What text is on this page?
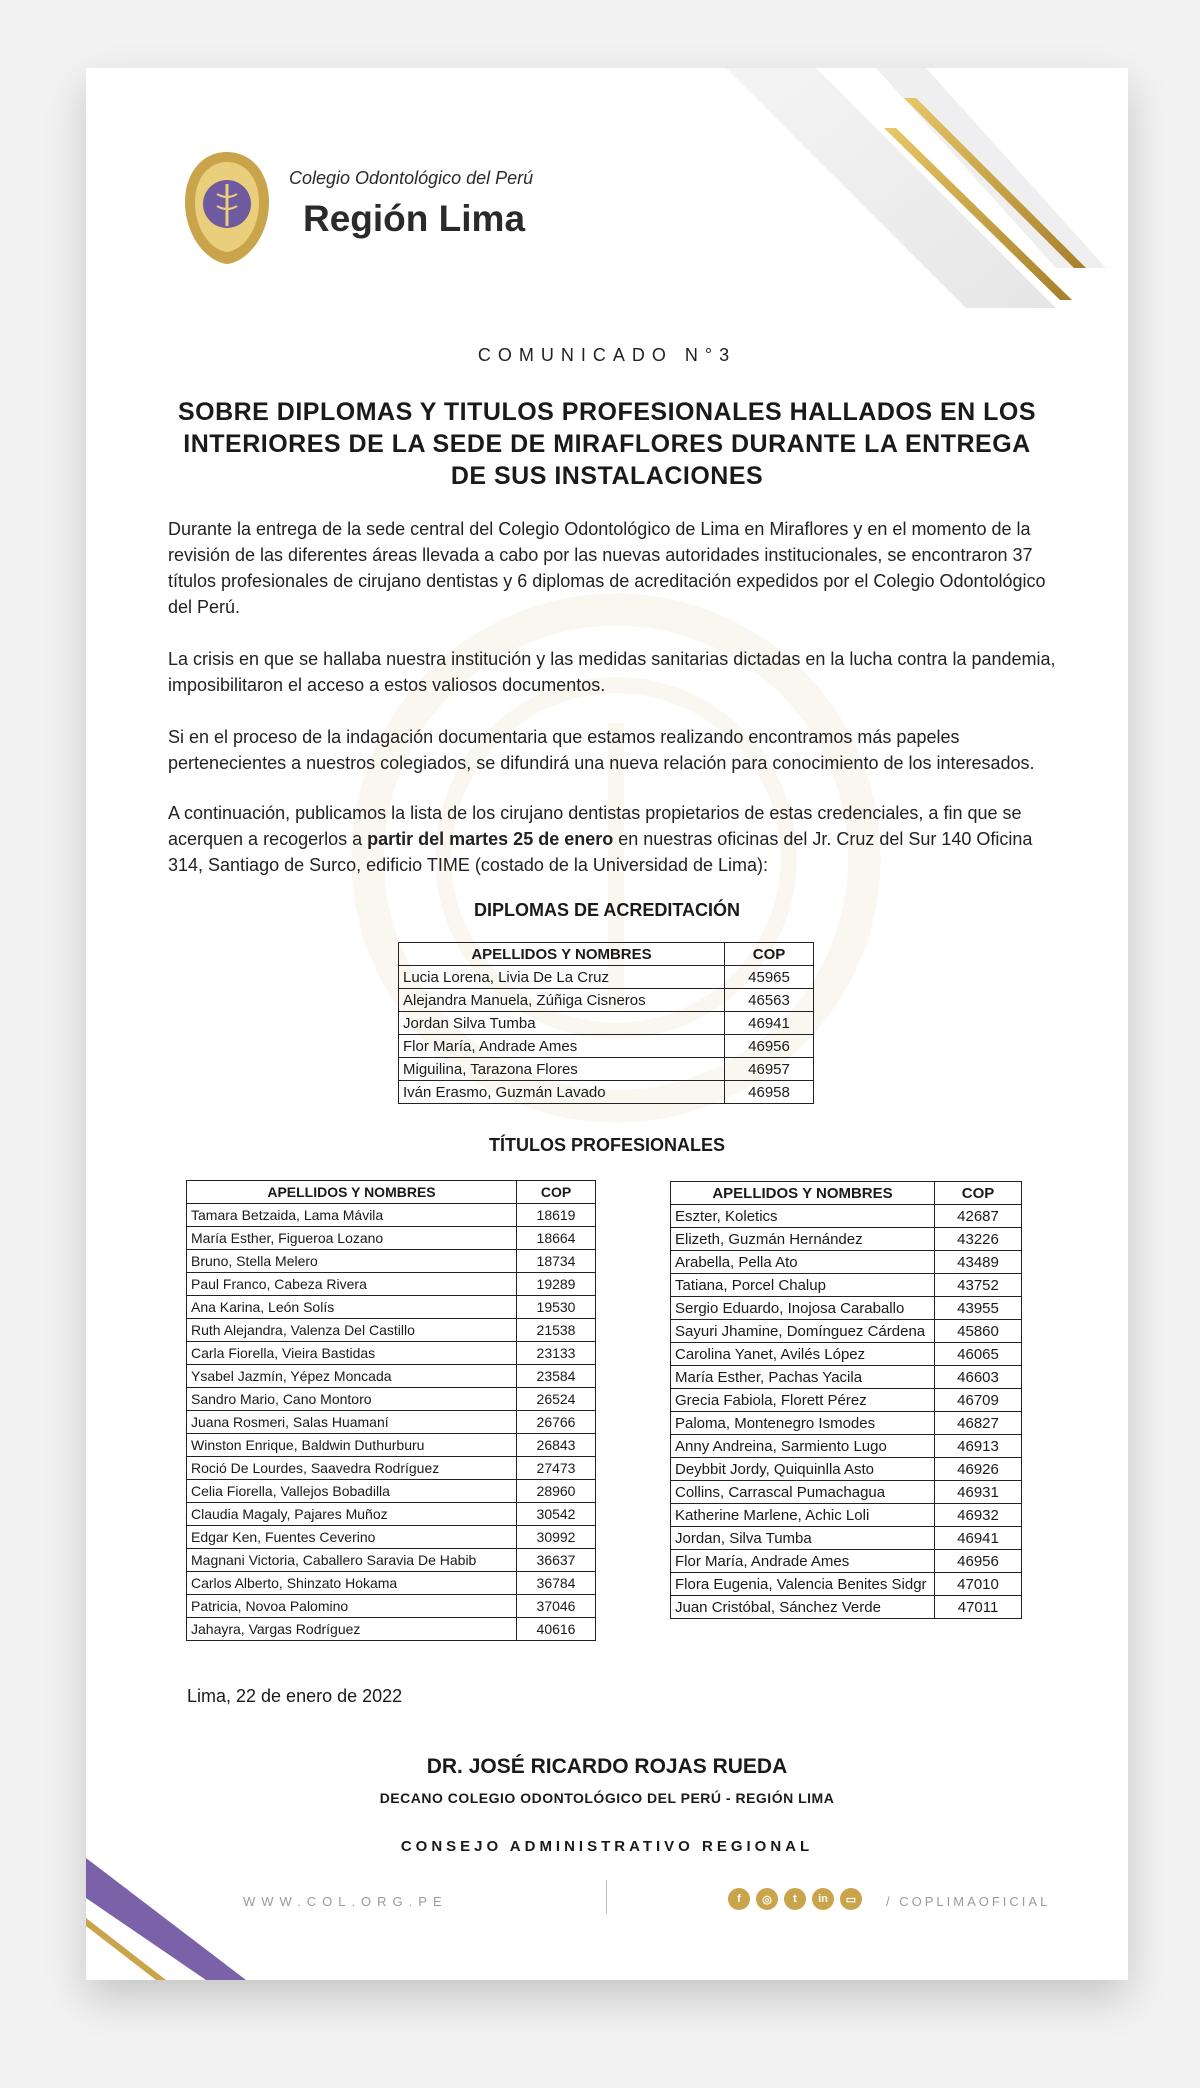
Colegio Odontológico del Perú
Región Lima
COMUNICADO N°3
SOBRE DIPLOMAS Y TITULOS PROFESIONALES HALLADOS EN LOS INTERIORES DE LA SEDE DE MIRAFLORES DURANTE LA ENTREGA DE SUS INSTALACIONES
Durante la entrega de la sede central del Colegio Odontológico de Lima en Miraflores y en el momento de la revisión de las diferentes áreas llevada a cabo por las nuevas autoridades institucionales, se encontraron 37 títulos profesionales de cirujano dentistas y 6 diplomas de acreditación expedidos por el Colegio Odontológico del Perú.
La crisis en que se hallaba nuestra institución y las medidas sanitarias dictadas en la lucha contra la pandemia, imposibilitaron el acceso a estos valiosos documentos.
Si en el proceso de la indagación documentaria que estamos realizando encontramos más papeles pertenecientes a nuestros colegiados, se difundirá una nueva relación para conocimiento de los interesados.
A continuación, publicamos la lista de los cirujano dentistas propietarios de estas credenciales, a fin que se acerquen a recogerlos a partir del martes 25 de enero en nuestras oficinas del Jr. Cruz del Sur 140 Oficina 314, Santiago de Surco, edificio TIME (costado de la Universidad de Lima):
DIPLOMAS DE ACREDITACIÓN
APELLIDOS Y NOMBRES	COP
Lucia Lorena, Livia De La Cruz	45965
Alejandra Manuela, Zúñiga Cisneros	46563
Jordan Silva Tumba	46941
Flor María, Andrade Ames	46956
Miguilina, Tarazona Flores	46957
Iván Erasmo, Guzmán Lavado	46958
TÍTULOS PROFESIONALES
APELLIDOS Y NOMBRES	COP
Tamara Betzaida, Lama Mávila	18619
María Esther, Figueroa Lozano	18664
Bruno, Stella Melero	18734
Paul Franco, Cabeza Rivera	19289
Ana Karina, León Solís	19530
Ruth Alejandra, Valenza Del Castillo	21538
Carla Fiorella, Vieira Bastidas	23133
Ysabel Jazmín, Yépez Moncada	23584
Sandro Mario, Cano Montoro	26524
Juana Rosmeri, Salas Huamaní	26766
Winston Enrique, Baldwin Duthurburu	26843
Roció De Lourdes, Saavedra Rodríguez	27473
Celia Fiorella, Vallejos Bobadilla	28960
Claudia Magaly, Pajares Muñoz	30542
Edgar Ken, Fuentes Ceverino	30992
Magnani Victoria, Caballero Saravia De Habib	36637
Carlos Alberto, Shinzato Hokama	36784
Patricia, Novoa Palomino	37046
Jahayra, Vargas Rodríguez	40616
APELLIDOS Y NOMBRES	COP
Eszter, Koletics	42687
Elizeth, Guzmán Hernández	43226
Arabella, Pella Ato	43489
Tatiana, Porcel Chalup	43752
Sergio Eduardo, Inojosa Caraballo	43955
Sayuri Jhamine, Domínguez Cárdena	45860
Carolina Yanet, Avilés López	46065
María Esther, Pachas Yacila	46603
Grecia Fabiola, Florett Pérez	46709
Paloma, Montenegro Ismodes	46827
Anny Andreina, Sarmiento Lugo	46913
Deybbit Jordy, Quiquinlla Asto	46926
Collins, Carrascal Pumachagua	46931
Katherine Marlene, Achic Loli	46932
Jordan, Silva Tumba	46941
Flor María, Andrade Ames	46956
Flora Eugenia, Valencia Benites Sidgr	47010
Juan Cristóbal, Sánchez Verde	47011
Lima, 22 de enero de 2022
DR. JOSÉ RICARDO ROJAS RUEDA
DECANO COLEGIO ODONTOLÓGICO DEL PERÚ - REGIÓN LIMA
CONSEJO ADMINISTRATIVO REGIONAL
WWW.COL.ORG.PE	f	◎	t	in	▭	/ COPLIMAOFICIAL
